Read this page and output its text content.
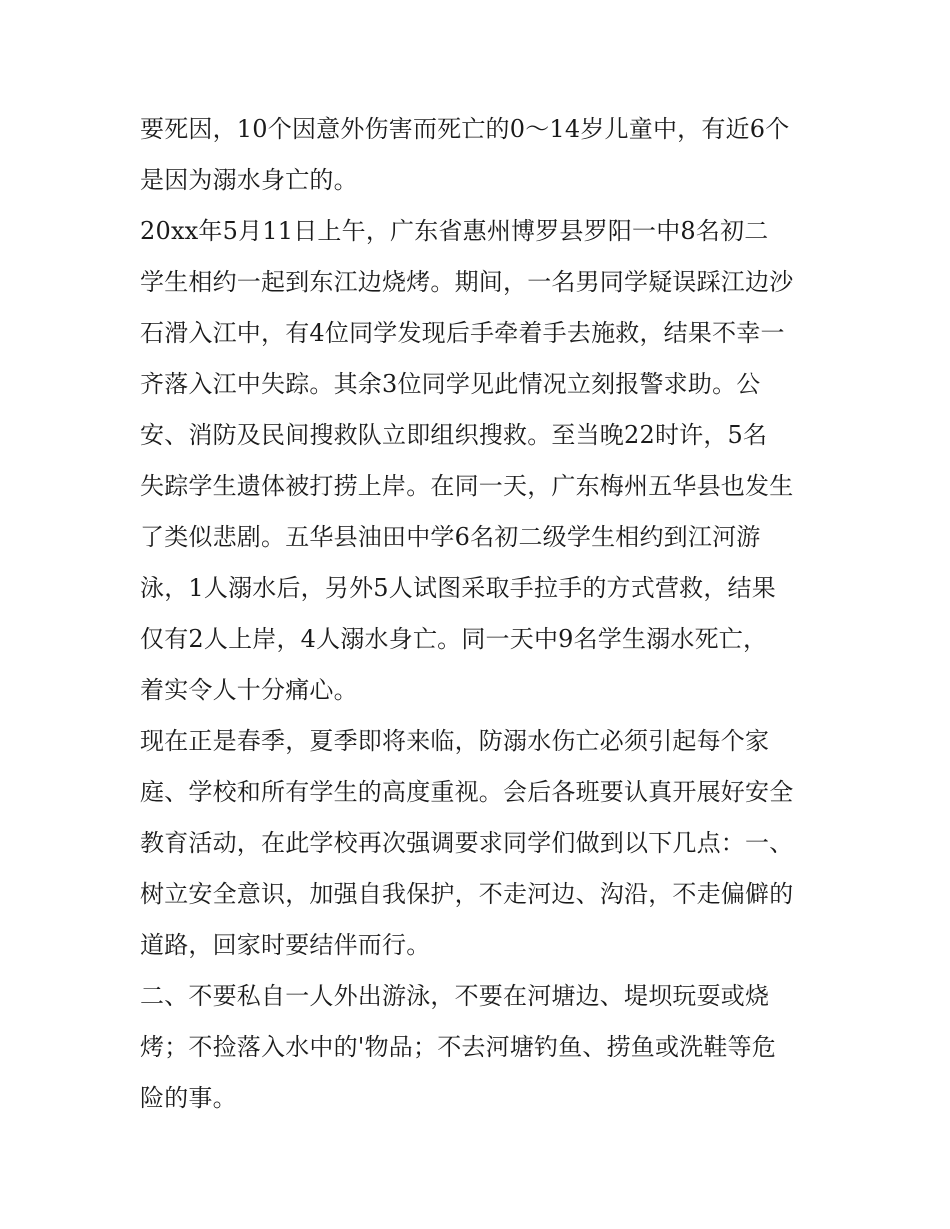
要死因，10个因意外伤害而死亡的0～14岁儿童中，有近6个
是因为溺水身亡的。
20xx年5月11日上午，广东省惠州博罗县罗阳一中8名初二
学生相约一起到东江边烧烤。期间，一名男同学疑误踩江边沙
石滑入江中，有4位同学发现后手牵着手去施救，结果不幸一
齐落入江中失踪。其余3位同学见此情况立刻报警求助。公
安、消防及民间搜救队立即组织搜救。至当晚22时许，5名
失踪学生遗体被打捞上岸。在同一天，广东梅州五华县也发生
了类似悲剧。五华县油田中学6名初二级学生相约到江河游
泳，1人溺水后，另外5人试图采取手拉手的方式营救，结果
仅有2人上岸，4人溺水身亡。同一天中9名学生溺水死亡，
着实令人十分痛心。
现在正是春季，夏季即将来临，防溺水伤亡必须引起每个家
庭、学校和所有学生的高度重视。会后各班要认真开展好安全
教育活动，在此学校再次强调要求同学们做到以下几点：一、
树立安全意识，加强自我保护，不走河边、沟沿，不走偏僻的
道路，回家时要结伴而行。
二、不要私自一人外出游泳，不要在河塘边、堤坝玩耍或烧
烤；不捡落入水中的'物品；不去河塘钓鱼、捞鱼或洗鞋等危
险的事。
